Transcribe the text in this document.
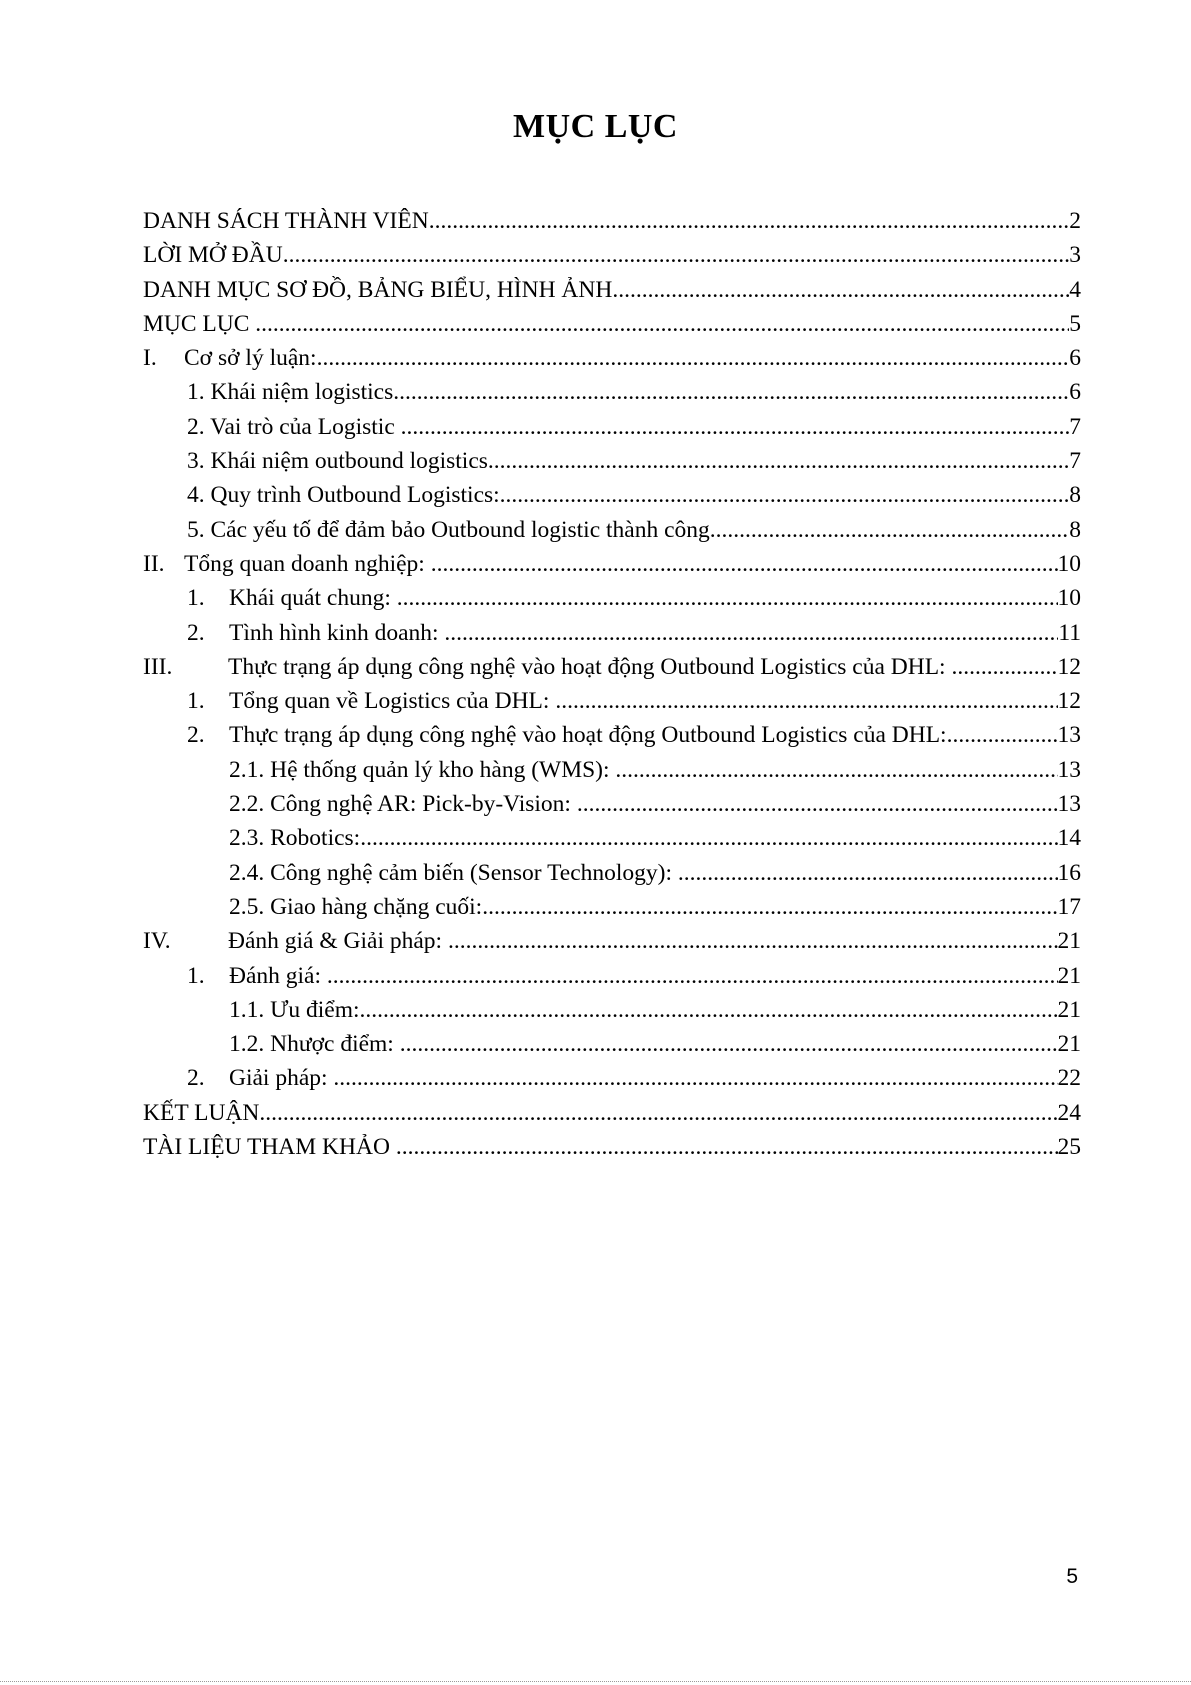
MỤC LỤC
DANH SÁCH THÀNH VIÊN .....	2
LỜI MỞ ĐẦU .....	3
DANH MỤC SƠ ĐỒ, BẢNG BIỂU, HÌNH ẢNH .....	4
MỤC LỤC .....	5
I.	Cơ sở lý luận: .....	6
1. Khái niệm logistics .....	6
2. Vai trò của Logistic .....	7
3. Khái niệm outbound logistics .....	7
4. Quy trình Outbound Logistics: .....	8
5. Các yếu tố để đảm bảo Outbound logistic thành công .....	8
II. Tổng quan doanh nghiệp: .....	10
1.	Khái quát chung: .....	10
2.	Tình hình kinh doanh: .....	11
III.	Thực trạng áp dụng công nghệ vào hoạt động Outbound Logistics của DHL: .....	12
1.	Tổng quan về Logistics của DHL: .....	12
2.	Thực trạng áp dụng công nghệ vào hoạt động Outbound Logistics của DHL: .....	13
2.1. Hệ thống quản lý kho hàng (WMS): .....	13
2.2. Công nghệ AR: Pick-by-Vision: .....	13
2.3. Robotics: .....	14
2.4. Công nghệ cảm biến (Sensor Technology): .....	16
2.5. Giao hàng chặng cuối: .....	17
IV.	Đánh giá & Giải pháp: .....	21
1.	Đánh giá: .....	21
1.1. Ưu điểm: .....	21
1.2. Nhược điểm: .....	21
2.	Giải pháp: .....	22
KẾT LUẬN .....	24
TÀI LIỆU THAM KHẢO .....	25
5
